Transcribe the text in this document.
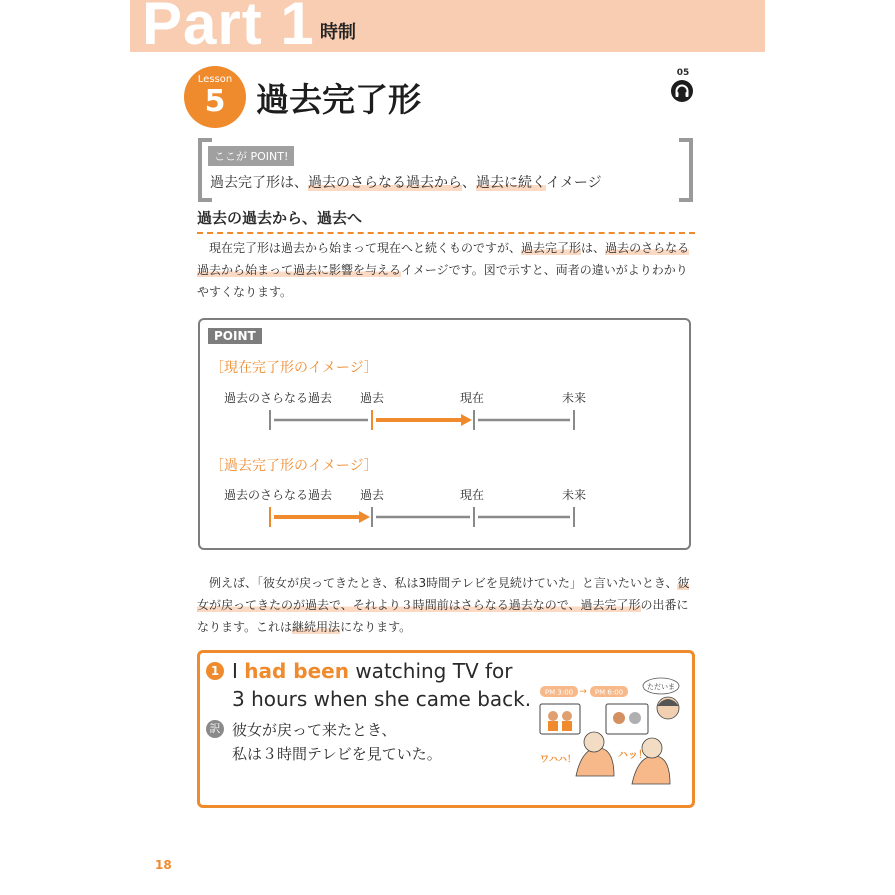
Part 1 時制
Lesson
5 過去完了形
05
ここが POINT!
過去完了形は、過去のさらなる過去から、過去に続くイメージ
過去の過去から、過去へ
　現在完了形は過去から始まって現在へと続くものですが、過去完了形は、過去のさらなる過去から始まって過去に影響を与えるイメージです。図で示すと、両者の違いがよりわかりやすくなります。
POINT
［現在完了形のイメージ］
過去のさらなる過去 過去	現在	未来
［過去完了形のイメージ］
過去のさらなる過去 過去	現在	未来
　例えば、「彼女が戻ってきたとき、私は3時間テレビを見続けていた」と言いたいとき、彼女が戻ってきたのが過去で、それより３時間前はさらなる過去なので、過去完了形の出番になります。これは継続用法になります。
1 I had been watching TV for
3 hours when she came back.
訳 彼女が戻って来たとき、
私は３時間テレビを見ていた。
PM 3:00 → PM 6:00
ただいま
ワハハ！	ハッ！
18
